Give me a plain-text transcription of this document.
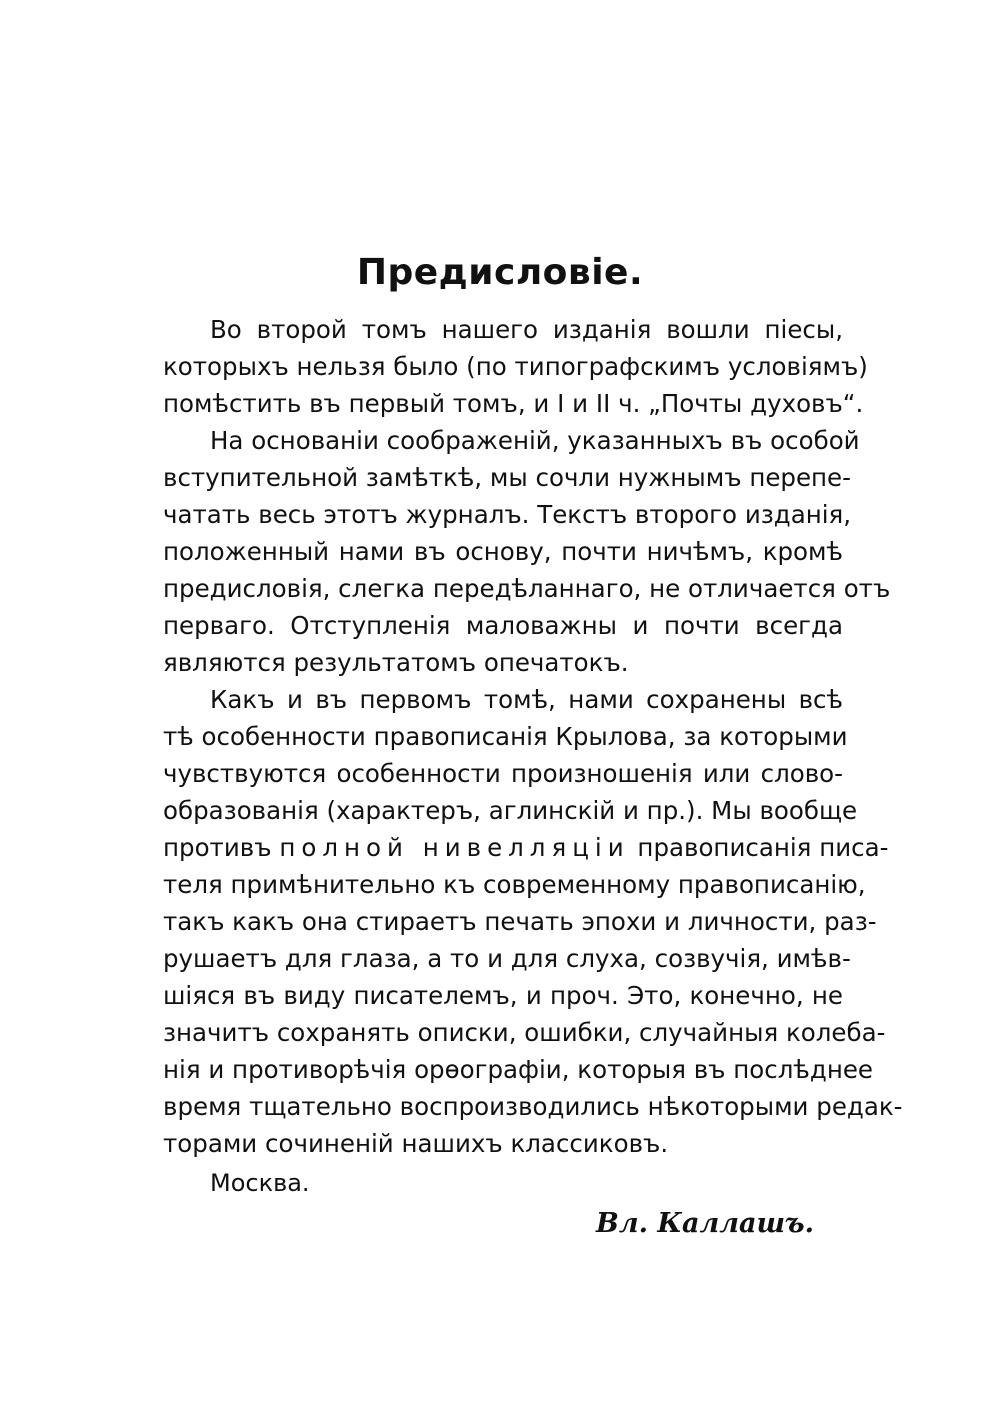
Предисловіе.
Во второй томъ нашего изданія вошли піесы,
которыхъ нельзя было (по типографскимъ условіямъ)
помѣстить въ первый томъ, и I и II ч. „Почты духовъ“.
На основаніи соображеній, указанныхъ въ особой
вступительной замѣткѣ, мы сочли нужнымъ перепе-
чатать весь этотъ журналъ. Текстъ второго изданія,
положенный нами въ основу, почти ничѣмъ, кромѣ
предисловія, слегка передѣланнаго, не отличается отъ
перваго. Отступленія маловажны и почти всегда
являются результатомъ опечатокъ.
Какъ и въ первомъ томѣ, нами сохранены всѣ
тѣ особенности правописанія Крылова, за которыми
чувствуются особенности произношенія или слово-
образованія (характеръ, аглинскій и пр.). Мы вообще
противъ полной нивелляціи правописанія писа-
теля примѣнительно къ современному правописанію,
такъ какъ она стираетъ печать эпохи и личности, раз-
рушаетъ для глаза, а то и для слуха, созвучія, имѣв-
шіяся въ виду писателемъ, и проч. Это, конечно, не
значитъ сохранять описки, ошибки, случайныя колеба-
нія и противорѣчія орѳографіи, которыя въ послѣднее
время тщательно воспроизводились нѣкоторыми редак-
торами сочиненій нашихъ классиковъ.
Москва.
Вл. Каллашъ.
